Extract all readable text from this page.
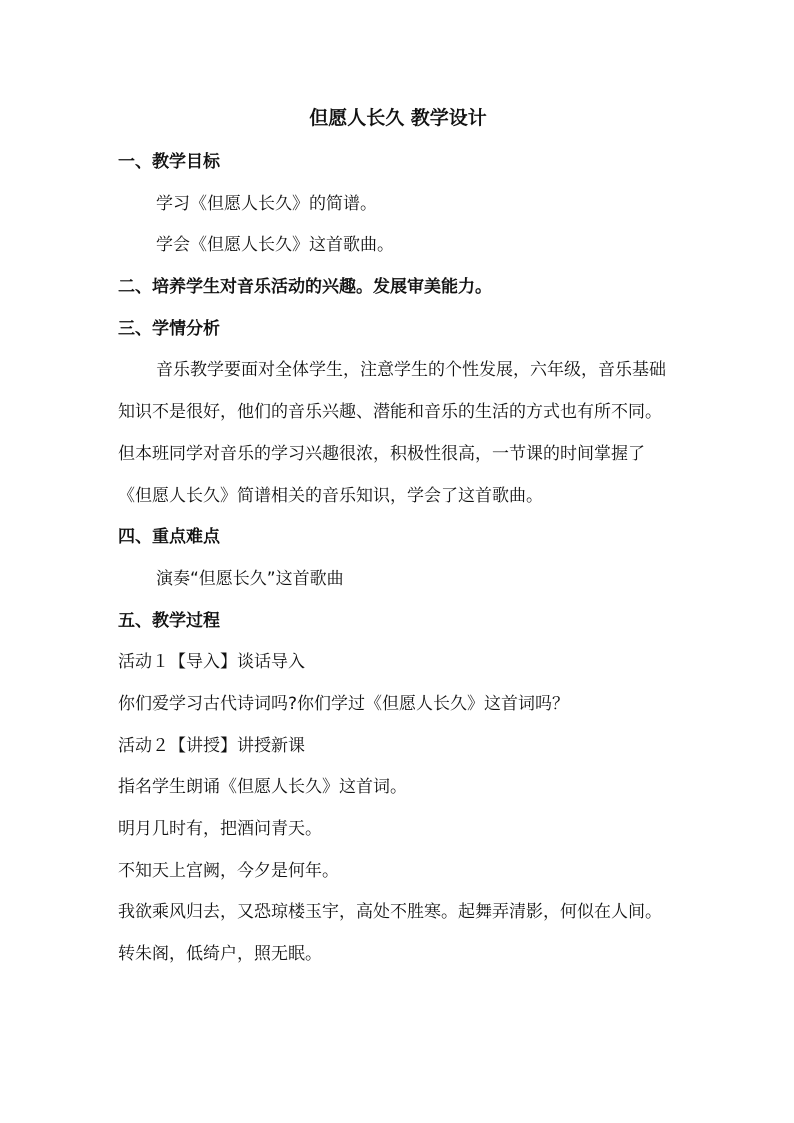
但愿人长久 教学设计
一、教学目标
学习《但愿人长久》的简谱。
学会《但愿人长久》这首歌曲。
二、培养学生对音乐活动的兴趣。发展审美能力。
三、学情分析

音乐教学要面对全体学生，注意学生的个性发展，六年级，音乐基础知识不是很好，他们的音乐兴趣、潜能和音乐的生活的方式也有所不同。但本班同学对音乐的学习兴趣很浓，积极性很高，一节课的时间掌握了《但愿人长久》简谱相关的音乐知识，学会了这首歌曲。

四、重点难点
演奏“但愿长久”这首歌曲
五、教学过程
活动１【导入】谈话导入
你们爱学习古代诗词吗?你们学过《但愿人长久》这首词吗？
活动２【讲授】讲授新课
指名学生朗诵《但愿人长久》这首词。
明月几时有，把酒问青天。
不知天上宫阙，今夕是何年。

我欲乘风归去，又恐琼楼玉宇，高处不胜寒。起舞弄清影，何似在人间。

转朱阁，低绮户，照无眠。
